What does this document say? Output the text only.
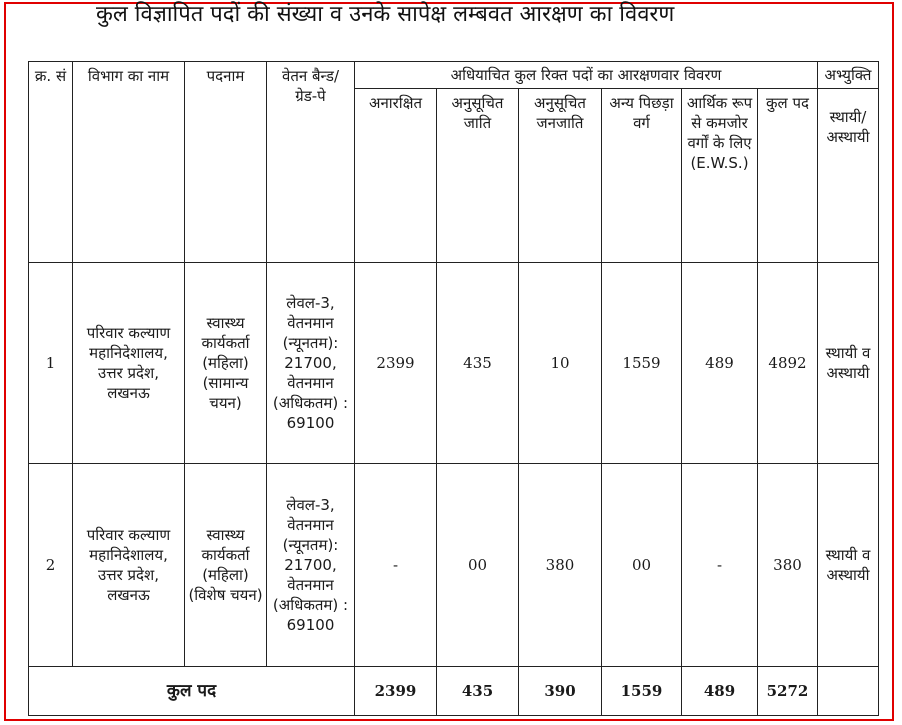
कुल विज्ञापित पदों की संख्या व उनके सापेक्ष लम्बवत आरक्षण का विवरण
क्र. सं	विभाग का नाम	पदनाम	वेतन बैन्ड/ ग्रेड-पे	अधियाचित कुल रिक्त पदों का आरक्षणवार विवरण						अभ्युक्ति

				अनारक्षित	अनुसूचित जाति	अनुसूचित जनजाति	अन्य पिछड़ा वर्ग	आर्थिक रूप से कमजोर वर्गों के लिए (E.W.S.)	कुल पद	स्थायी/ अस्थायी

1	परिवार कल्याण महानिदेशालय, उत्तर प्रदेश, लखनऊ	स्वास्थ्य कार्यकर्ता (महिला) (सामान्य चयन)	लेवल-3, वेतनमान (न्यूनतम): 21700, वेतनमान (अधिकतम) : 69100	2399	435	10	1559	489	4892	स्थायी व अस्थायी
2	परिवार कल्याण महानिदेशालय, उत्तर प्रदेश, लखनऊ	स्वास्थ्य कार्यकर्ता (महिला) (विशेष चयन)	लेवल-3, वेतनमान (न्यूनतम): 21700, वेतनमान (अधिकतम) : 69100	-	00	380	00	-	380	स्थायी व अस्थायी
कुल पद				2399	435	390	1559	489	5272	
